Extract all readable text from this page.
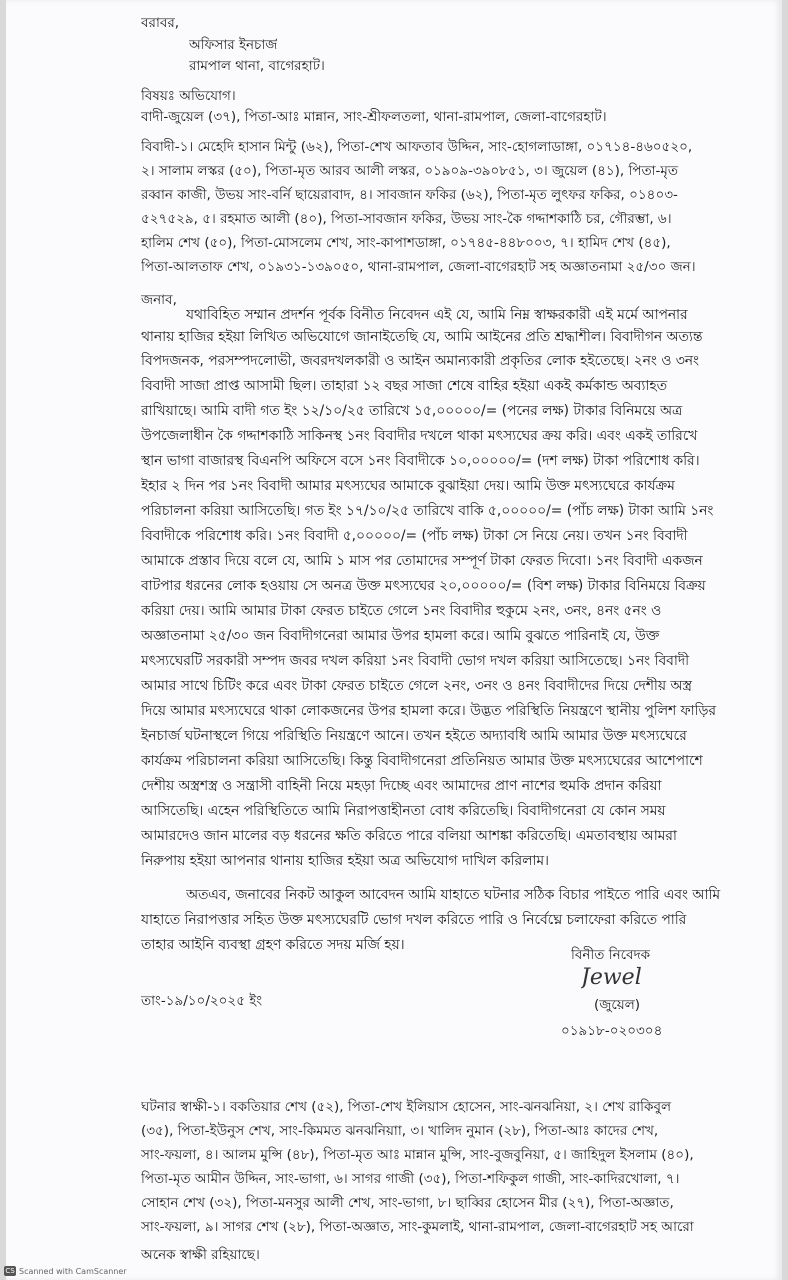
বরাবর,
অফিসার ইনচার্জ
রামপাল থানা, বাগেরহাট।
বিষয়ঃ অভিযোগ।
বাদী-জুয়েল (৩৭), পিতা-আঃ মান্নান, সাং-শ্রীফলতলা, থানা-রামপাল, জেলা-বাগেরহাট।
বিবাদী-১। মেহেদি হাসান মিন্টু (৬২), পিতা-শেখ আফতাব উদ্দিন, সাং-হোগলাডাঙ্গা, ০১৭১৪-৪৬০৫২০,
২। সালাম লস্কর (৫০), পিতা-মৃত আরব আলী লস্কর, ০১৯০৯-৩৯০৮৫১, ৩। জুয়েল (৪১), পিতা-মৃত
রব্বান কাজী, উভয় সাং-বর্নি ছায়েরাবাদ, ৪। সাবজান ফকির (৬২), পিতা-মৃত লুৎফর ফকির, ০১৪০৩-
৫২৭৫২৯, ৫। রহমাত আলী (৪০), পিতা-সাবজান ফকির, উভয় সাং-কৈ গদ্দাশকাঠি চর, গৌরম্ভা, ৬।
হালিম শেখ (৫০), পিতা-মোসলেম শেখ, সাং-কাপাশডাঙ্গা, ০১৭৪৫-৪৪৮০০৩, ৭। হামিদ শেখ (৪৫),
পিতা-আলতাফ শেখ, ০১৯৩১-১৩৯০৫০, থানা-রামপাল, জেলা-বাগেরহাট সহ অজ্ঞাতনামা ২৫/৩০ জন।
জনাব,
যথাবিহিত সম্মান প্রদর্শন পূর্বক বিনীত নিবেদন এই যে, আমি নিম্ন স্বাক্ষরকারী এই মর্মে আপনার
থানায় হাজির হইয়া লিখিত অভিযোগে জানাইতেছি যে, আমি আইনের প্রতি শ্রদ্ধাশীল। বিবাদীগন অত্যন্ত
বিপদজনক, পরসম্পদলোভী, জবরদখলকারী ও আইন অমান্যকারী প্রকৃতির লোক হইতেছে। ২নং ও ৩নং
বিবাদী সাজা প্রাপ্ত আসামী ছিল। তাহারা ১২ বছর সাজা শেষে বাহির হইয়া একই কর্মকান্ড অব্যাহত
রাখিয়াছে। আমি বাদী গত ইং ১২/১০/২৫ তারিখে ১৫,০০০০০/= (পনের লক্ষ) টাকার বিনিময়ে অত্র
উপজেলাধীন কৈ গদ্দাশকাঠি সাকিনস্থ ১নং বিবাদীর দখলে থাকা মৎস্যঘের ক্রয় করি। এবং একই তারিখে
স্থান ভাগা বাজারস্থ বিএনপি অফিসে বসে ১নং বিবাদীকে ১০,০০০০০/= (দশ লক্ষ) টাকা পরিশোধ করি।
ইহার ২ দিন পর ১নং বিবাদী আমার মৎস্যঘের আমাকে বুঝাইয়া দেয়। আমি উক্ত মৎস্যঘেরে কার্যক্রম
পরিচালনা করিয়া আসিতেছি। গত ইং ১৭/১০/২৫ তারিখে বাকি ৫,০০০০০/= (পাঁচ লক্ষ) টাকা আমি ১নং
বিবাদীকে পরিশোধ করি। ১নং বিবাদী ৫,০০০০০/= (পাঁচ লক্ষ) টাকা সে নিয়ে নেয়। তখন ১নং বিবাদী
আমাকে প্রস্তাব দিয়ে বলে যে, আমি ১ মাস পর তোমাদের সম্পূর্ণ টাকা ফেরত দিবো। ১নং বিবাদী একজন
বাটপার ধরনের লোক হওয়ায় সে অনত্র উক্ত মৎস্যঘের ২০,০০০০০/= (বিশ লক্ষ) টাকার বিনিময়ে বিক্রয়
করিয়া দেয়। আমি আমার টাকা ফেরত চাইতে গেলে ১নং বিবাদীর হুকুমে ২নং, ৩নং, ৪নং ৫নং ও
অজ্ঞাতনামা ২৫/৩০ জন বিবাদীগনেরা আমার উপর হামলা করে। আমি বুঝতে পারিনাই যে, উক্ত
মৎস্যঘেরটি সরকারী সম্পদ জবর দখল করিয়া ১নং বিবাদী ভোগ দখল করিয়া আসিতেছে। ১নং বিবাদী
আমার সাথে চিটিং করে এবং টাকা ফেরত চাইতে গেলে ২নং, ৩নং ও ৪নং বিবাদীদের দিয়ে দেশীয় অস্ত্র
দিয়ে আমার মৎস্যঘেরে থাকা লোকজনের উপর হামলা করে। উদ্ভত পরিস্থিতি নিয়ন্ত্রণে স্থানীয় পুলিশ ফাড়ির
ইনচার্জ ঘটনাস্থলে গিয়ে পরিস্থিতি নিয়ন্ত্রণে আনে। তখন হইতে অদ্যাবধি আমি আমার উক্ত মৎস্যঘেরে
কার্যক্রম পরিচালনা করিয়া আসিতেছি। কিন্তু বিবাদীগনেরা প্রতিনিয়ত আমার উক্ত মৎস্যঘেরের আশেপাশে
দেশীয় অস্ত্রশস্ত্র ও সন্ত্রাসী বাহিনী নিয়ে মহড়া দিচ্ছে এবং আমাদের প্রাণ নাশের হুমকি প্রদান করিয়া
আসিতেছি। এহেন পরিস্থিতিতে আমি নিরাপত্তাহীনতা বোধ করিতেছি। বিবাদীগনেরা যে কোন সময়
আমারদেও জান মালের বড় ধরনের ক্ষতি করিতে পারে বলিয়া আশঙ্কা করিতেছি। এমতাবস্থায় আমরা
নিরুপায় হইয়া আপনার থানায় হাজির হইয়া অত্র অভিযোগ দাখিল করিলাম।
অতএব, জনাবের নিকট আকুল আবেদন আমি যাহাতে ঘটনার সঠিক বিচার পাইতে পারি এবং আমি
যাহাতে নিরাপত্তার সহিত উক্ত মৎস্যঘেরটি ভোগ দখল করিতে পারি ও নির্বেঘ্নে চলাফেরা করিতে পারি
তাহার আইনি ব্যবস্থা গ্রহণ করিতে সদয় মর্জি হয়।
বিনীত নিবেদক
Jewel
(জুয়েল)
০১৯১৮-০২০৩০৪
তাং-১৯/১০/২০২৫ ইং
ঘটনার স্বাক্ষী-১। বকতিয়ার শেখ (৫২), পিতা-শেখ ইলিয়াস হোসেন, সাং-ঝনঝনিয়া, ২। শেখ রাকিবুল
(৩৫), পিতা-ইউনুস শেখ, সাং-কিমমত ঝনঝনিয়াা, ৩। খালিদ নুমান (২৮), পিতা-আঃ কাদের শেখ,
সাং-ফয়লা, ৪। আলম মুন্সি (৪৮), পিতা-মৃত আঃ মান্নান মুন্সি, সাং-বুজবুনিয়া, ৫। জাহিদুল ইসলাম (৪০),
পিতা-মৃত আমীন উদ্দিন, সাং-ভাগা, ৬। সাগর গাজী (৩৫), পিতা-শফিকুল গাজী, সাং-কাদিরখোলা, ৭।
সোহান শেখ (৩২), পিতা-মনসুর আলী শেখ, সাং-ভাগা, ৮। ছাব্বির হোসেন মীর (২৭), পিতা-অজ্ঞাত,
সাং-ফয়লা, ৯। সাগর শেখ (২৮), পিতা-অজ্ঞাত, সাং-কুমলাই, থানা-রামপাল, জেলা-বাগেরহাট সহ আরো
অনেক স্বাক্ষী রহিয়াছে।
CS Scanned with CamScanner
